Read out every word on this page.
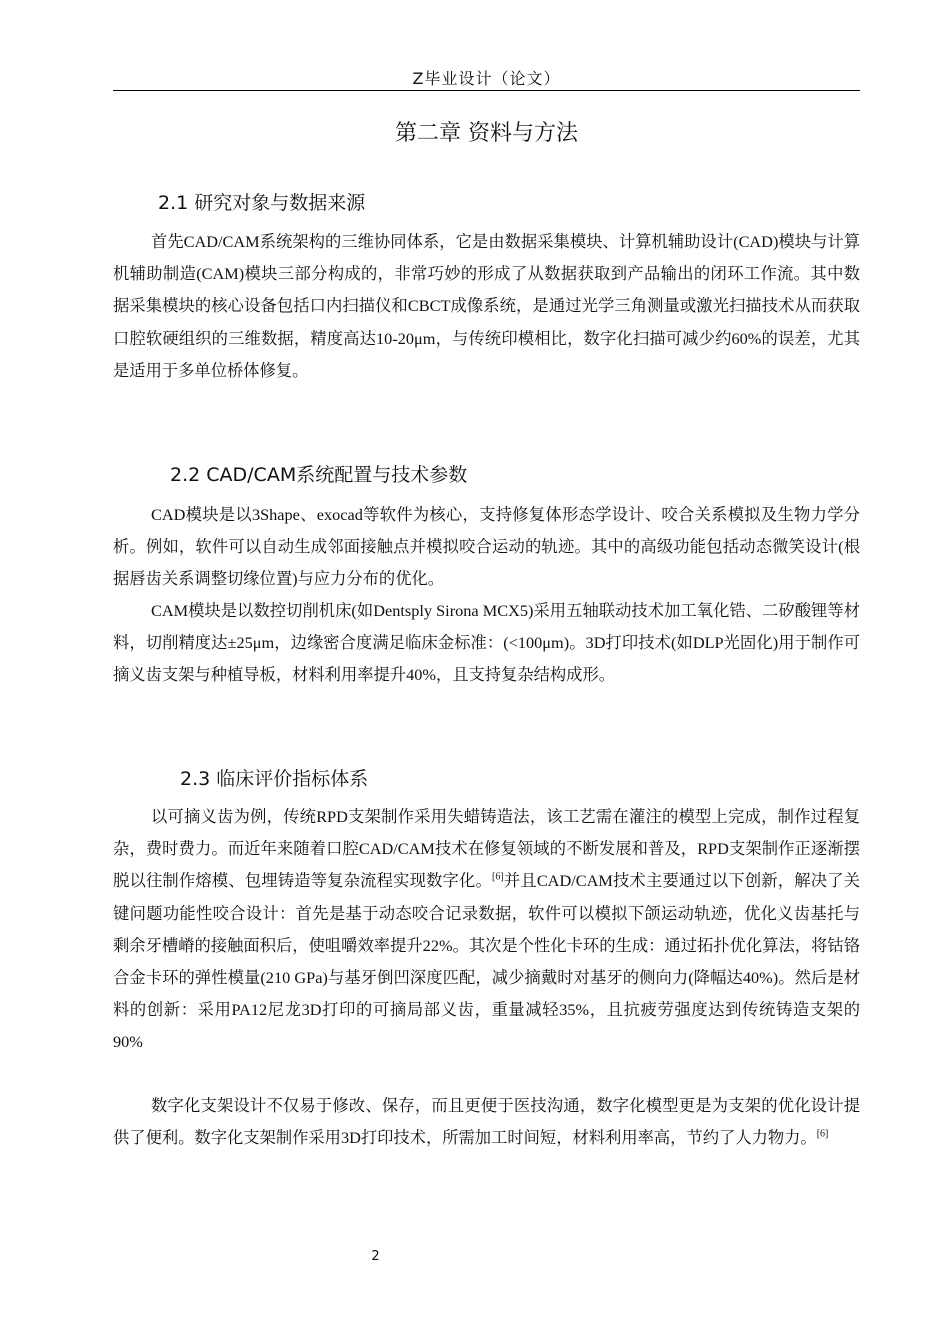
Z毕业设计（论文）
第二章 资料与方法
2.1 研究对象与数据来源

首先CAD/CAM系统架构的三维协同体系，它是由数据采集模块、计算机辅助设计(CAD)模块与计算机辅助制造(CAM)模块三部分构成的，非常巧妙的形成了从数据获取到产品输出的闭环工作流。其中数据采集模块的核心设备包括口内扫描仪和CBCT成像系统，是通过光学三角测量或激光扫描技术从而获取口腔软硬组织的三维数据，精度高达10-20μm，与传统印模相比，数字化扫描可减少约60%的误差，尤其是适用于多单位桥体修复。

2.2 CAD/CAM系统配置与技术参数

CAD模块是以3Shape、exocad等软件为核心，支持修复体形态学设计、咬合关系模拟及生物力学分析。例如，软件可以自动生成邻面接触点并模拟咬合运动的轨迹。其中的高级功能包括动态微笑设计(根据唇齿关系调整切缘位置)与应力分布的优化。

CAM模块是以数控切削机床(如Dentsply Sirona MCX5)采用五轴联动技术加工氧化锆、二矽酸锂等材料，切削精度达±25μm，边缘密合度满足临床金标准：(<100μm)。3D打印技术(如DLP光固化)用于制作可摘义齿支架与种植导板，材料利用率提升40%，且支持复杂结构成形。

2.3 临床评价指标体系

以可摘义齿为例，传统RPD支架制作采用失蜡铸造法，该工艺需在灌注的模型上完成，制作过程复杂，费时费力。而近年来随着口腔CAD/CAM技术在修复领域的不断发展和普及，RPD支架制作正逐渐摆脱以往制作熔模、包埋铸造等复杂流程实现数字化。[6]并且CAD/CAM技术主要通过以下创新，解决了关键问题功能性咬合设计：首先是基于动态咬合记录数据，软件可以模拟下颌运动轨迹，优化义齿基托与剩余牙槽嵴的接触面积后，使咀嚼效率提升22%。其次是个性化卡环的生成：通过拓扑优化算法，将钴铬合金卡环的弹性模量(210 GPa)与基牙倒凹深度匹配，减少摘戴时对基牙的侧向力(降幅达40%)。然后是材料的创新：采用PA12尼龙3D打印的可摘局部义齿，重量减轻35%，且抗疲劳强度达到传统铸造支架的90%

数字化支架设计不仅易于修改、保存，而且更便于医技沟通，数字化模型更是为支架的优化设计提供了便利。数字化支架制作采用3D打印技术，所需加工时间短，材料利用率高，节约了人力物力。[6]

2
